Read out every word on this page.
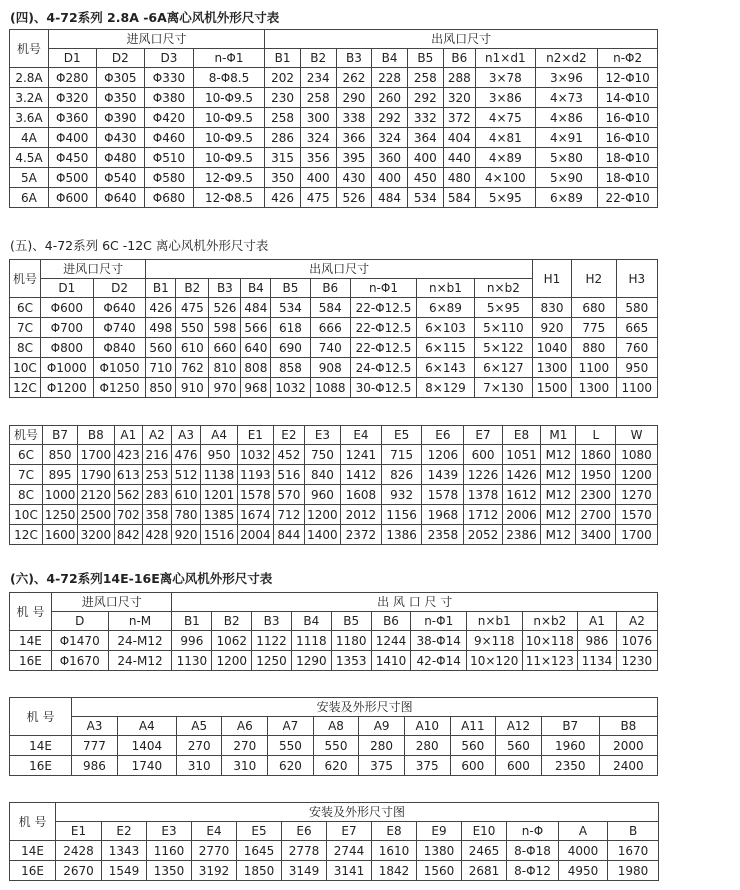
(四)、4-72系列 2.8A -6A离心风机外形尺寸表
机号	进风口尺寸				出风口尺寸								
	D1	D2	D3	n-Φ1	B1	B2	B3	B4	B5	B6	n1×d1	n2×d2	n-Φ2
2.8A	Φ280	Φ305	Φ330	8-Φ8.5	202	234	262	228	258	288	3×78	3×96	12-Φ10
3.2A	Φ320	Φ350	Φ380	10-Φ9.5	230	258	290	260	292	320	3×86	4×73	14-Φ10
3.6A	Φ360	Φ390	Φ420	10-Φ9.5	258	300	338	292	332	372	4×75	4×86	16-Φ10
4A	Φ400	Φ430	Φ460	10-Φ9.5	286	324	366	324	364	404	4×81	4×91	16-Φ10
4.5A	Φ450	Φ480	Φ510	10-Φ9.5	315	356	395	360	400	440	4×89	5×80	18-Φ10
5A	Φ500	Φ540	Φ580	12-Φ9.5	350	400	430	400	450	480	4×100	5×90	18-Φ10
6A	Φ600	Φ640	Φ680	12-Φ8.5	426	475	526	484	534	584	5×95	6×89	22-Φ10
(五)、4-72系列 6C -12C 离心风机外形尺寸表
机号	进风口尺寸		出风口尺寸									H1	H2	H3
	D1	D2	B1	B2	B3	B4	B5	B6	n-Φ1	n×b1	n×b2			
6C	Φ600	Φ640	426	475	526	484	534	584	22-Φ12.5	6×89	5×95	830	680	580
7C	Φ700	Φ740	498	550	598	566	618	666	22-Φ12.5	6×103	5×110	920	775	665
8C	Φ800	Φ840	560	610	660	640	690	740	22-Φ12.5	6×115	5×122	1040	880	760
10C	Φ1000	Φ1050	710	762	810	808	858	908	24-Φ12.5	6×143	6×127	1300	1100	950
12C	Φ1200	Φ1250	850	910	970	968	1032	1088	30-Φ12.5	8×129	7×130	1500	1300	1100
机号	B7	B8	A1	A2	A3	A4	E1	E2	E3	E4	E5	E6	E7	E8	M1	L	W
6C	850	1700	423	216	476	950	1032	452	750	1241	715	1206	600	1051	M12	1860	1080
7C	895	1790	613	253	512	1138	1193	516	840	1412	826	1439	1226	1426	M12	1950	1200
8C	1000	2120	562	283	610	1201	1578	570	960	1608	932	1578	1378	1612	M12	2300	1270
10C	1250	2500	702	358	780	1385	1674	712	1200	2012	1156	1968	1712	2006	M12	2700	1570
12C	1600	3200	842	428	920	1516	2004	844	1400	2372	1386	2358	2052	2386	M12	3400	1700
(六)、4-72系列14E-16E离心风机外形尺寸表
机 号	进风口尺寸		出 风 口 尺 寸										
	D	n-M	B1	B2	B3	B4	B5	B6	n-Φ1	n×b1	n×b2	A1	A2
14E	Φ1470	24-M12	996	1062	1122	1118	1180	1244	38-Φ14	9×118	10×118	986	1076
16E	Φ1670	24-M12	1130	1200	1250	1290	1353	1410	42-Φ14	10×120	11×123	1134	1230
机 号	安装及外形尺寸图											
	A3	A4	A5	A6	A7	A8	A9	A10	A11	A12	B7	B8
14E	777	1404	270	270	550	550	280	280	560	560	1960	2000
16E	986	1740	310	310	620	620	375	375	600	600	2350	2400
机 号	安装及外形尺寸图												
	E1	E2	E3	E4	E5	E6	E7	E8	E9	E10	n-Φ	A	B
14E	2428	1343	1160	2770	1645	2778	2744	1610	1380	2465	8-Φ18	4000	1670
16E	2670	1549	1350	3192	1850	3149	3141	1842	1560	2681	8-Φ12	4950	1980
